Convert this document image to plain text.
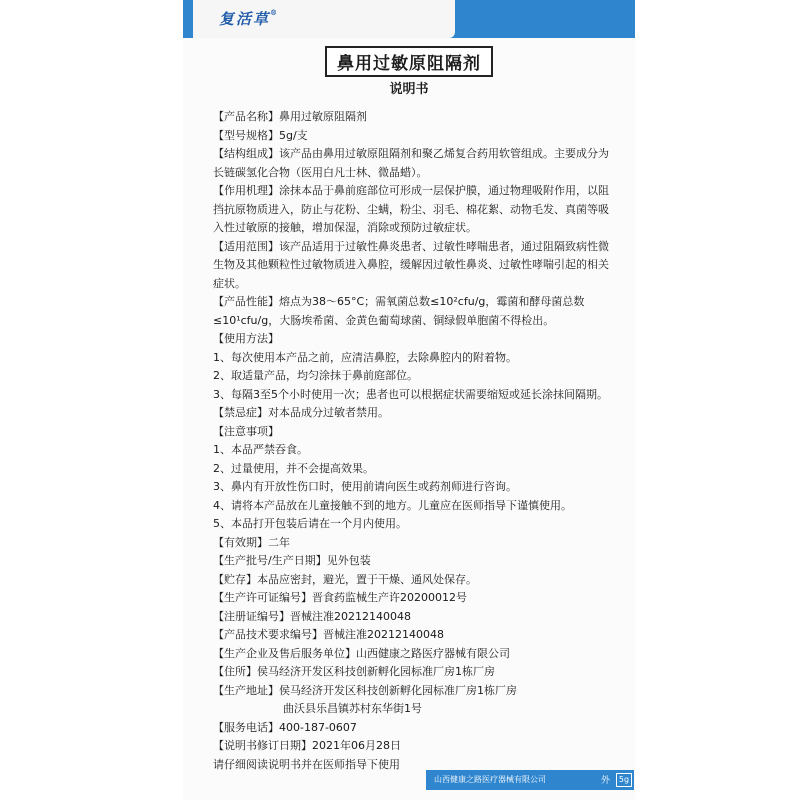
复活草®
鼻用过敏原阻隔剂
说明书

【产品名称】鼻用过敏原阻隔剂

【型号规格】5g/支

【结构组成】该产品由鼻用过敏原阻隔剂和聚乙烯复合药用软管组成。主要成分为长链碳氢化合物（医用白凡士林、微晶蜡）。

【作用机理】涂抹本品于鼻前庭部位可形成一层保护膜，通过物理吸附作用，以阻挡抗原物质进入，防止与花粉、尘螨，粉尘、羽毛、棉花絮、动物毛发、真菌等吸入性过敏原的接触，增加保湿，消除或预防过敏症状。

【适用范围】该产品适用于过敏性鼻炎患者、过敏性哮喘患者，通过阻隔致病性微生物及其他颗粒性过敏物质进入鼻腔，缓解因过敏性鼻炎、过敏性哮喘引起的相关症状。

【产品性能】熔点为38～65°C；需氧菌总数≤10²cfu/g，霉菌和酵母菌总数≤10¹cfu/g，大肠埃希菌、金黄色葡萄球菌、铜绿假单胞菌不得检出。

【使用方法】

1、每次使用本产品之前，应清洁鼻腔，去除鼻腔内的附着物。

2、取适量产品，均匀涂抹于鼻前庭部位。

3、每隔3至5个小时使用一次；患者也可以根据症状需要缩短或延长涂抹间隔期。

【禁忌症】对本品成分过敏者禁用。

【注意事项】

1、本品严禁吞食。

2、过量使用，并不会提高效果。

3、鼻内有开放性伤口时，使用前请向医生或药剂师进行咨询。

4、请将本产品放在儿童接触不到的地方。儿童应在医师指导下谨慎使用。

5、本品打开包装后请在一个月内使用。

【有效期】二年

【生产批号/生产日期】见外包装

【贮存】本品应密封，避光，置于干燥、通风处保存。

【生产许可证编号】晋食药监械生产许20200012号

【注册证编号】晋械注准20212140048

【产品技术要求编号】晋械注准20212140048

【生产企业及售后服务单位】山西健康之路医疗器械有限公司

【住所】侯马经济开发区科技创新孵化园标准厂房1栋厂房

【生产地址】侯马经济开发区科技创新孵化园标准厂房1栋厂房

曲沃县乐昌镇苏村东华街1号

【服务电话】400-187-0607

【说明书修订日期】2021年06月28日

请仔细阅读说明书并在医师指导下使用

山西健康之路医疗器械有限公司	外	5g
